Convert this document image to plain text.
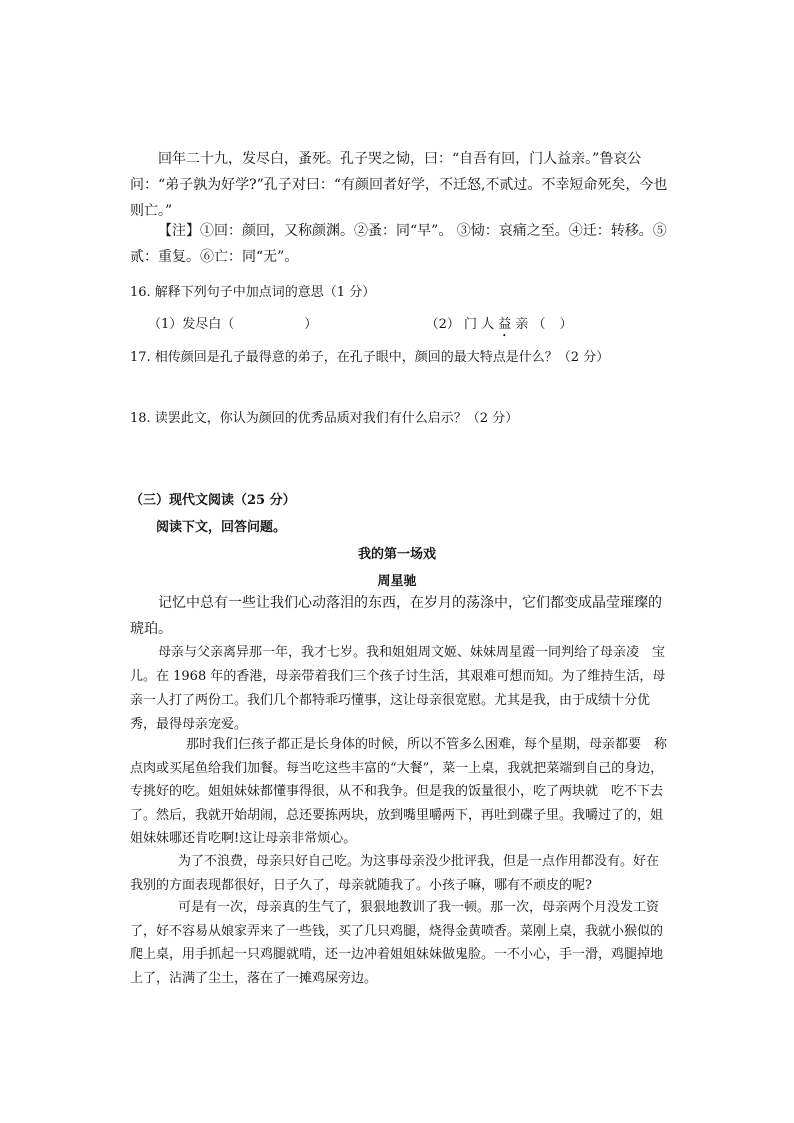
回年二十九，发尽白，蚤死。孔子哭之恸，曰：“自吾有回，门人益亲。”鲁哀公问：“弟子孰为好学?”孔子对曰：“有颜回者好学，不迁怒,不贰过。不幸短命死矣，今也则亡。”

【注】①回：颜回，又称颜渊。②蚤：同“早”。 ③恸：哀痛之至。④迁：转移。⑤贰：重复。⑥亡：同“无”。

16. 解释下列句子中加点词的意思（1 分）

（1）发尽白（	）	（2） 门 人 益 亲 （ ）

17. 相传颜回是孔子最得意的弟子，在孔子眼中，颜回的最大特点是什么？（2 分）

18. 读罢此文，你认为颜回的优秀品质对我们有什么启示？（2 分）

（三）现代文阅读（25 分）

阅读下文，回答问题。

我的第一场戏

周星驰

记忆中总有一些让我们心动落泪的东西，在岁月的荡涤中，它们都变成晶莹璀璨的琥珀。

母亲与父亲离异那一年，我才七岁。我和姐姐周文姬、妹妹周星霞一同判给了母亲凌　宝儿。在 1968 年的香港，母亲带着我们三个孩子讨生活，其艰难可想而知。为了维持生活，母亲一人打了两份工。我们几个都特乖巧懂事，这让母亲很宽慰。尤其是我，由于成绩十分优秀，最得母亲宠爱。

那时我们仨孩子都正是长身体的时候，所以不管多么困难，每个星期，母亲都要　称点肉或买尾鱼给我们加餐。每当吃这些丰富的“大餐”，菜一上桌，我就把菜端到自己的身边，专挑好的吃。姐姐妹妹都懂事得很，从不和我争。但是我的饭量很小，吃了两块就　吃不下去了。然后，我就开始胡闹，总还要拣两块，放到嘴里嚼两下，再吐到碟子里。我嚼过了的，姐姐妹妹哪还肯吃啊!这让母亲非常烦心。

为了不浪费，母亲只好自己吃。为这事母亲没少批评我，但是一点作用都没有。好在我别的方面表现都很好，日子久了，母亲就随我了。小孩子嘛，哪有不顽皮的呢?

可是有一次，母亲真的生气了，狠狠地教训了我一顿。那一次，母亲两个月没发工资了，好不容易从娘家弄来了一些钱，买了几只鸡腿，烧得金黄喷香。菜刚上桌，我就小猴似的爬上桌，用手抓起一只鸡腿就啃，还一边冲着姐姐妹妹做鬼脸。一不小心，手一滑，鸡腿掉地上了，沾满了尘土，落在了一摊鸡屎旁边。
